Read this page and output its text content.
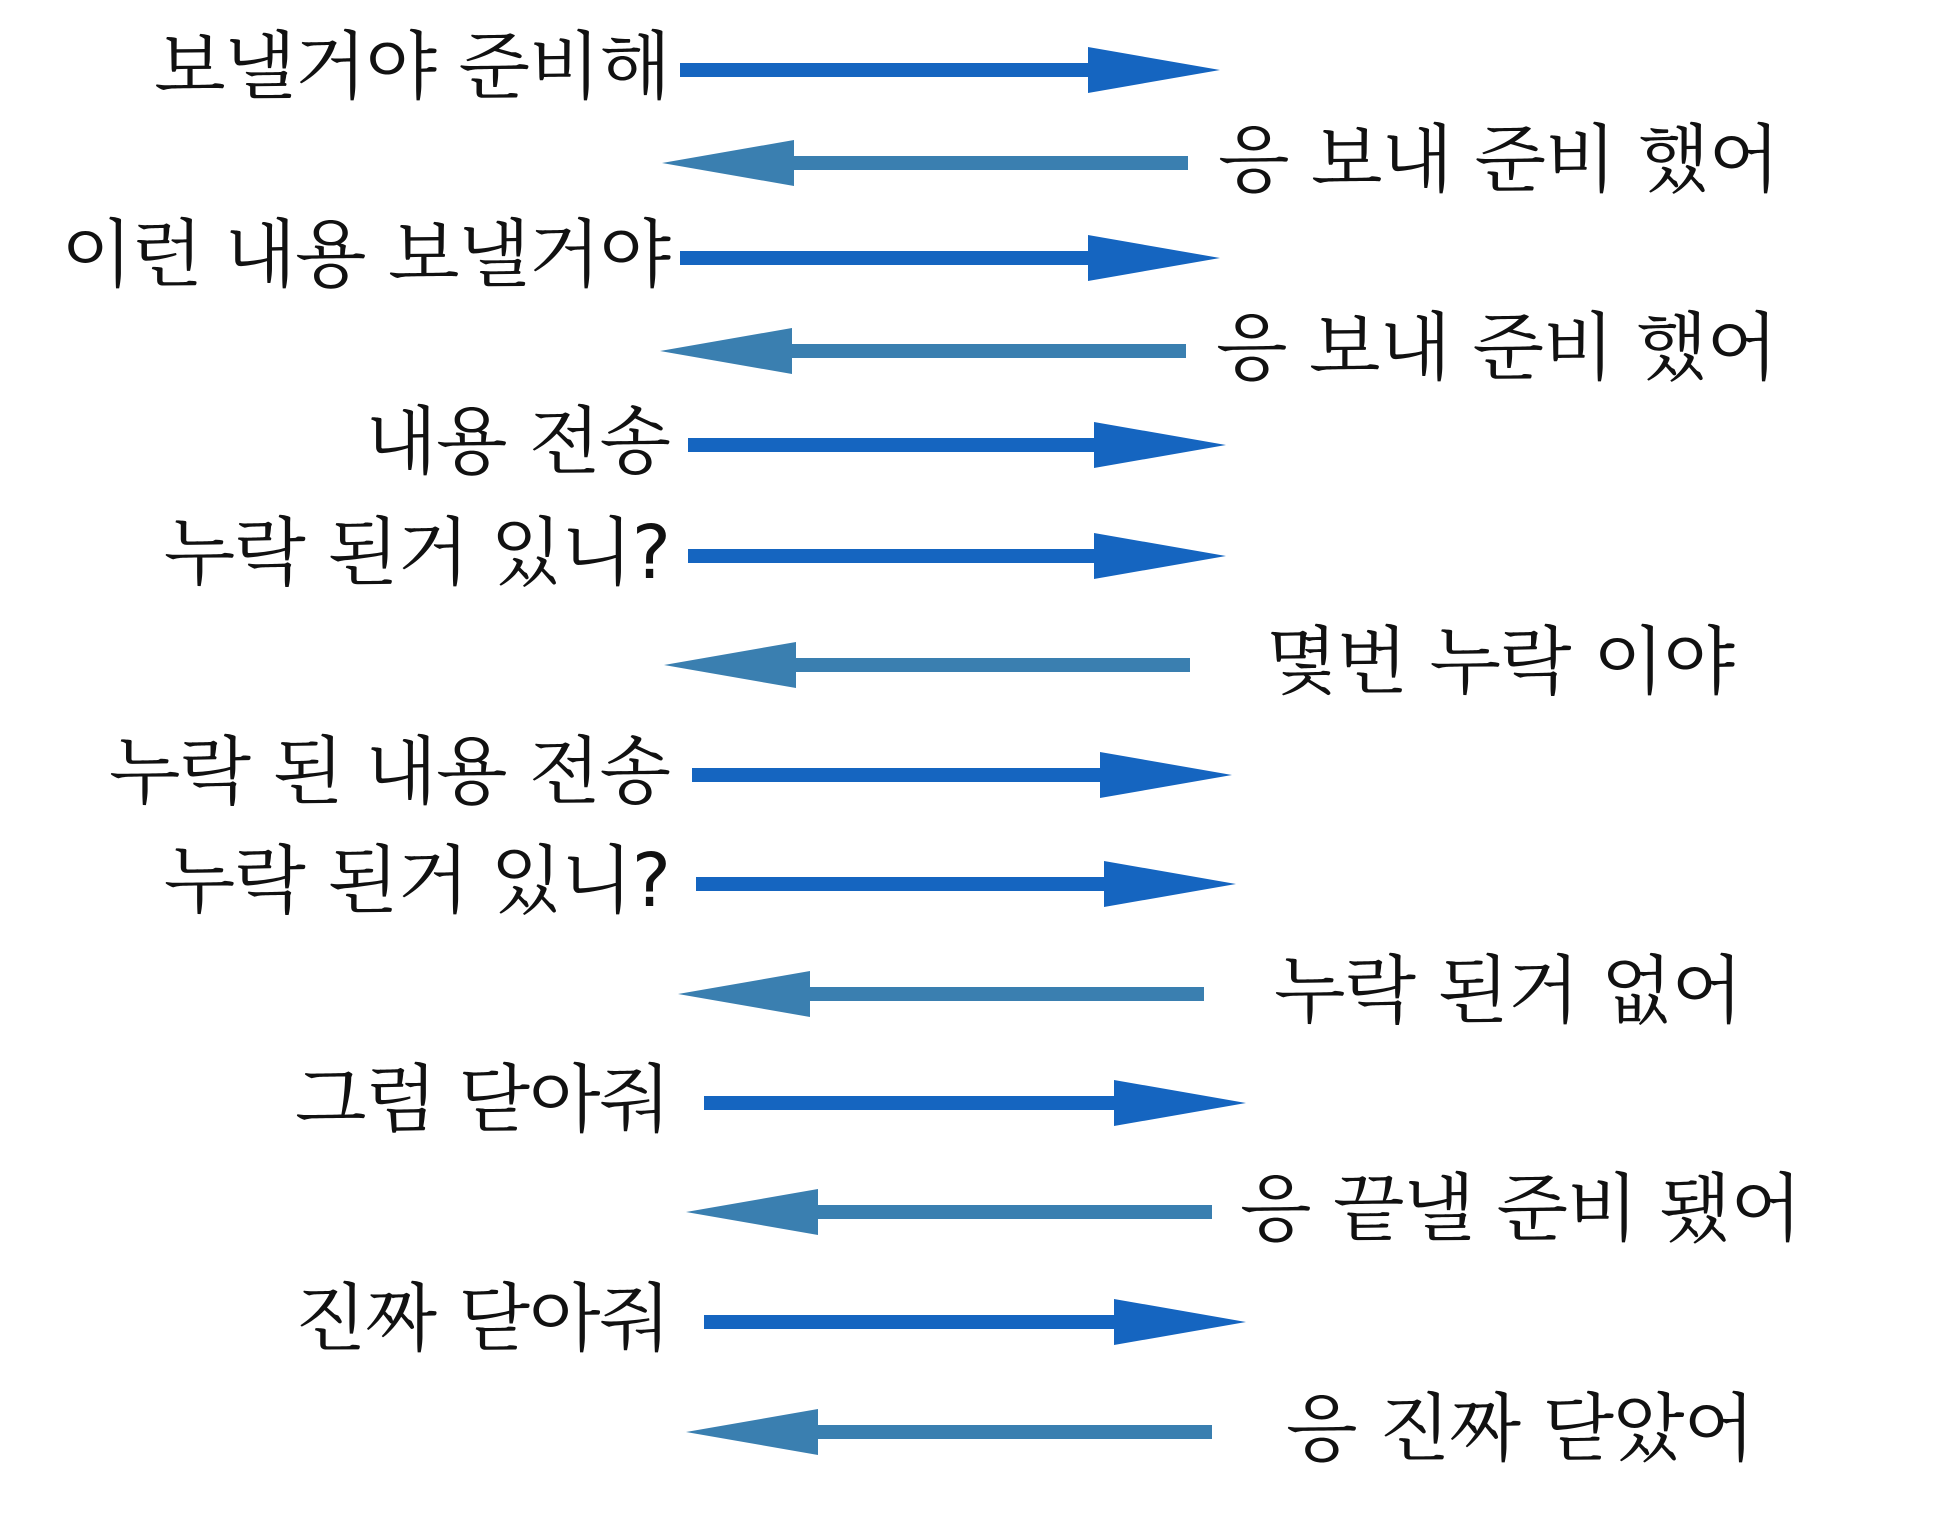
보낼거야 준비해
응 보내 준비 했어
이런 내용 보낼거야
응 보내 준비 했어
내용 전송
누락 된거 있니?
몇번 누락 이야
누락 된 내용 전송
누락 된거 있니?
누락 된거 없어
그럼 닫아줘
응 끝낼 준비 됐어
진짜 닫아줘
응 진짜 닫았어
